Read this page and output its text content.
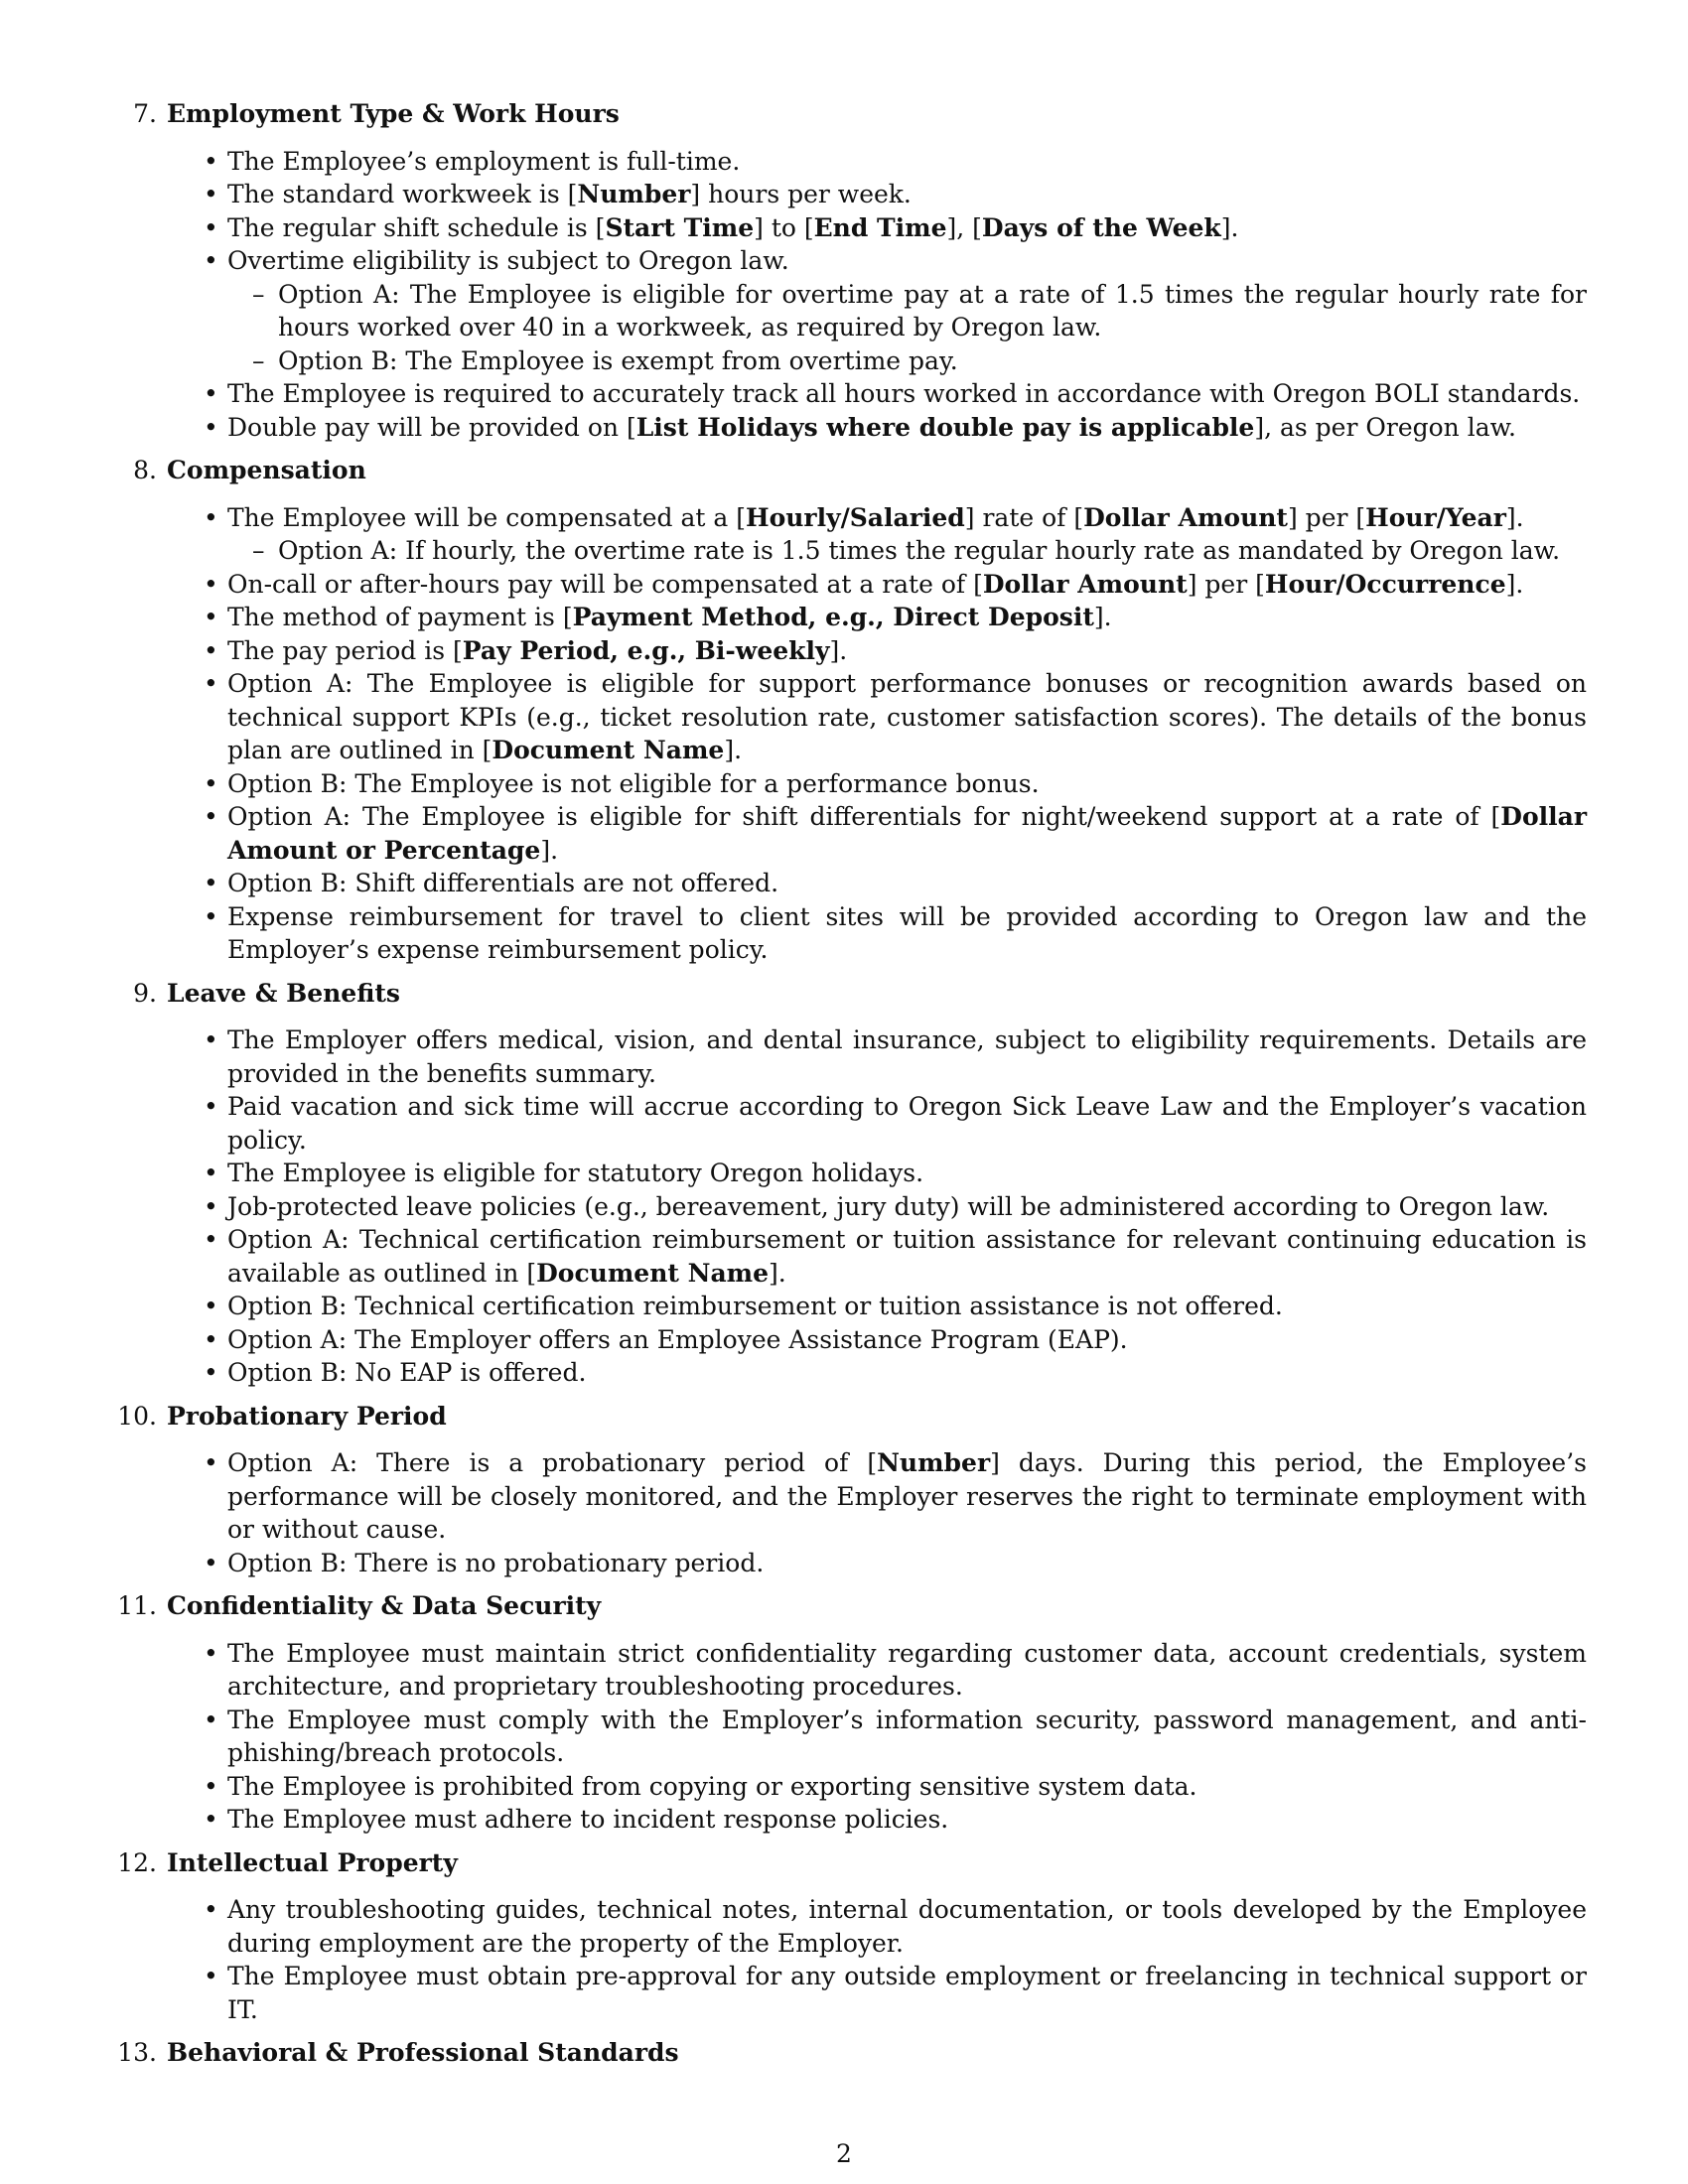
7. Employment Type & Work Hours
• The Employee’s employment is full-time.
• The standard workweek is [Number] hours per week.
• The regular shift schedule is [Start Time] to [End Time], [Days of the Week].
• Overtime eligibility is subject to Oregon law.
– Option A: The Employee is eligible for overtime pay at a rate of 1.5 times the regular hourly rate for hours worked over 40 in a workweek, as required by Oregon law.
– Option B: The Employee is exempt from overtime pay.
• The Employee is required to accurately track all hours worked in accordance with Oregon BOLI standards.
• Double pay will be provided on [List Holidays where double pay is applicable], as per Oregon law.
8. Compensation
• The Employee will be compensated at a [Hourly/Salaried] rate of [Dollar Amount] per [Hour/Year].
– Option A: If hourly, the overtime rate is 1.5 times the regular hourly rate as mandated by Oregon law.
• On-call or after-hours pay will be compensated at a rate of [Dollar Amount] per [Hour/Occurrence].
• The method of payment is [Payment Method, e.g., Direct Deposit].
• The pay period is [Pay Period, e.g., Bi-weekly].
• Option A: The Employee is eligible for support performance bonuses or recognition awards based on technical support KPIs (e.g., ticket resolution rate, customer satisfaction scores). The details of the bonus plan are outlined in [Document Name].
• Option B: The Employee is not eligible for a performance bonus.
• Option A: The Employee is eligible for shift differentials for night/weekend support at a rate of [Dollar Amount or Percentage].
• Option B: Shift differentials are not offered.
• Expense reimbursement for travel to client sites will be provided according to Oregon law and the Employer’s expense reimbursement policy.
9. Leave & Benefits
• The Employer offers medical, vision, and dental insurance, subject to eligibility requirements. Details are provided in the benefits summary.
• Paid vacation and sick time will accrue according to Oregon Sick Leave Law and the Employer’s vacation policy.
• The Employee is eligible for statutory Oregon holidays.
• Job-protected leave policies (e.g., bereavement, jury duty) will be administered according to Oregon law.
• Option A: Technical certification reimbursement or tuition assistance for relevant continuing education is available as outlined in [Document Name].
• Option B: Technical certification reimbursement or tuition assistance is not offered.
• Option A: The Employer offers an Employee Assistance Program (EAP).
• Option B: No EAP is offered.
10. Probationary Period
• Option A: There is a probationary period of [Number] days. During this period, the Employee’s performance will be closely monitored, and the Employer reserves the right to terminate employment with or without cause.
• Option B: There is no probationary period.
11. Confidentiality & Data Security
• The Employee must maintain strict confidentiality regarding customer data, account credentials, system architecture, and proprietary troubleshooting procedures.
• The Employee must comply with the Employer’s information security, password management, and anti-phishing/breach protocols.
• The Employee is prohibited from copying or exporting sensitive system data.
• The Employee must adhere to incident response policies.
12. Intellectual Property
• Any troubleshooting guides, technical notes, internal documentation, or tools developed by the Employee during employment are the property of the Employer.
• The Employee must obtain pre-approval for any outside employment or freelancing in technical support or IT.
13. Behavioral & Professional Standards
2
